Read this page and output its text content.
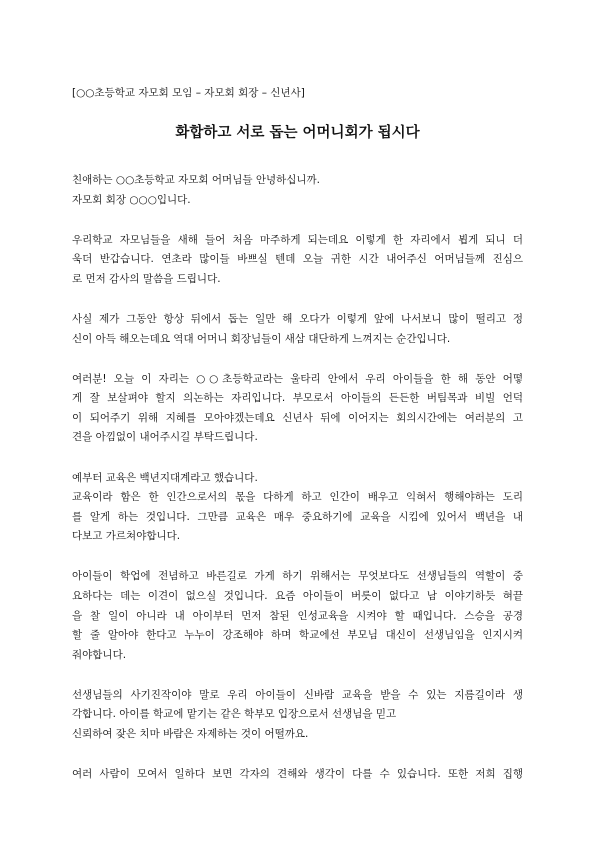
[○○초등학교 자모회 모임 – 자모회 회장 – 신년사]
화합하고 서로 돕는 어머니회가 됩시다
친애하는 ○○초등학교 자모회 어머님들 안녕하십니까.
자모회 회장 ○○○입니다.
우리학교 자모님들을 새해 들어 처음 마주하게 되는데요 이렇게 한 자리에서 뵙게 되니 더
욱더 반갑습니다. 연초라 많이들 바쁘실 텐데 오늘 귀한 시간 내어주신 어머님들께 진심으
로 먼저 감사의 말씀을 드립니다.
사실 제가 그동안 항상 뒤에서 돕는 일만 해 오다가 이렇게 앞에 나서보니 많이 떨리고 정
신이 아득 해오는데요 역대 어머니 회장님들이 새삼 대단하게 느껴지는 순간입니다.
여러분! 오늘 이 자리는 ○○초등학교라는 울타리 안에서 우리 아이들을 한 해 동안 어떻
게 잘 보살펴야 할지 의논하는 자리입니다. 부모로서 아이들의 든든한 버팀목과 비빌 언덕
이 되어주기 위해 지혜를 모아야겠는데요 신년사 뒤에 이어지는 회의시간에는 여러분의 고
견을 아낌없이 내어주시길 부탁드립니다.
예부터 교육은 백년지대계라고 했습니다.
교육이라 함은 한 인간으로서의 몫을 다하게 하고 인간이 배우고 익혀서 행해야하는 도리
를 알게 하는 것입니다. 그만큼 교육은 매우 중요하기에 교육을 시킴에 있어서 백년을 내
다보고 가르쳐야합니다.
아이들이 학업에 전념하고 바른길로 가게 하기 위해서는 무엇보다도 선생님들의 역할이 중
요하다는 데는 이견이 없으실 것입니다. 요즘 아이들이 버릇이 없다고 남 이야기하듯 혀끝
을 찰 일이 아니라 내 아이부터 먼저 참된 인성교육을 시켜야 할 때입니다. 스승을 공경
할 줄 알아야 한다고 누누이 강조해야 하며 학교에선 부모님 대신이 선생님임을 인지시켜
줘야합니다.
선생님들의 사기진작이야 말로 우리 아이들이 신바람 교육을 받을 수 있는 지름길이라 생
각합니다. 아이를 학교에 맡기는 같은 학부모 입장으로서 선생님을 믿고
신뢰하여 잦은 치마 바람은 자제하는 것이 어떨까요.
여러 사람이 모여서 일하다 보면 각자의 견해와 생각이 다를 수 있습니다. 또한 저희 집행
